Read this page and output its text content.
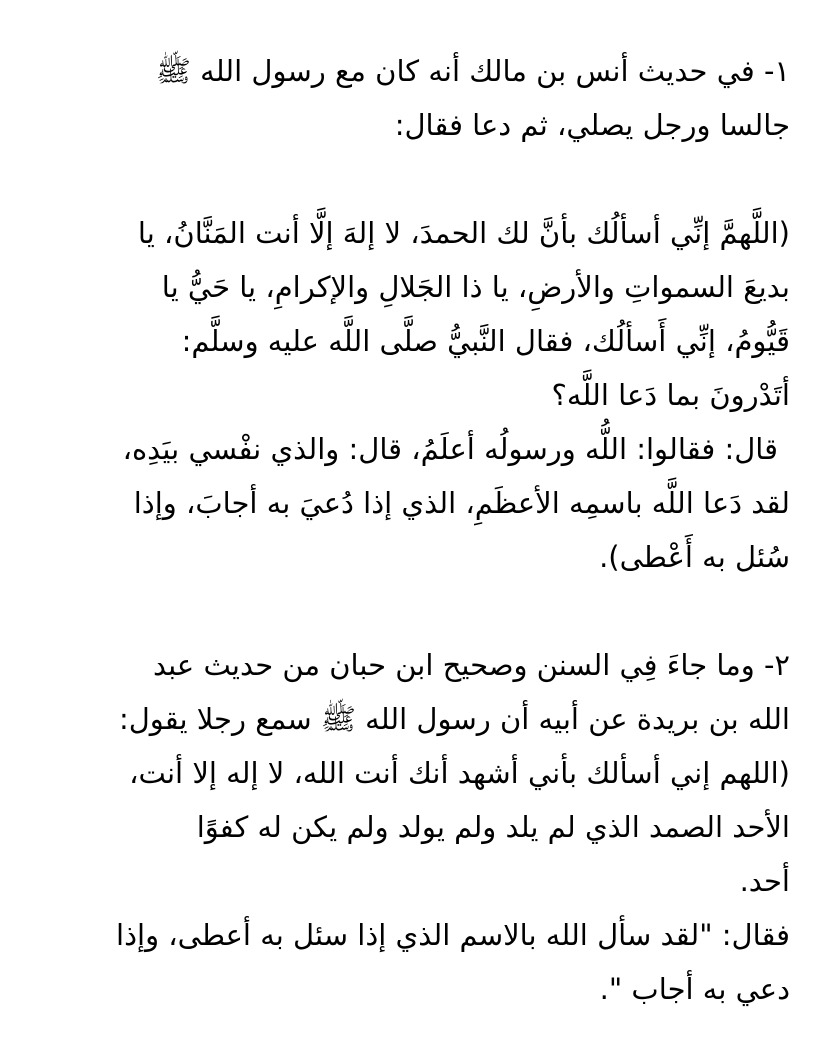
١- في حديث أنس بن مالك أنه كان مع رسول الله ﷺ
جالسا ورجل يصلي، ثم دعا فقال:
(اللَّهمَّ إنِّي أسألُك بأنَّ لك الحمدَ، لا إلهَ إلَّا أنت المَنَّانُ، يا
بديعَ السمواتِ والأرضِ، يا ذا الجَلالِ والإكرامِ، يا حَيُّ يا
قَيُّومُ، إنِّي أَسألُك، فقال النَّبيُّ صلَّى اللَّه عليه وسلَّم:
أتَدْرونَ بما دَعا اللَّه؟
قال: فقالوا: اللُّه ورسولُه أعلَمُ، قال: والذي نفْسي بيَدِه،
لقد دَعا اللَّه باسمِه الأعظَمِ، الذي إذا دُعيَ به أجابَ، وإذا
سُئل به أَعْطى).
٢- وما جاءَ فِي السنن وصحيح ابن حبان من حديث عبد
الله بن بريدة عن أبيه أن رسول الله ﷺ سمع رجلا يقول:
(اللهم إني أسألك بأني أشهد أنك أنت الله، لا إله إلا أنت،
الأحد الصمد الذي لم يلد ولم يولد ولم يكن له كفوًا
أحد.
فقال: "لقد سأل الله بالاسم الذي إذا سئل به أعطى، وإذا
دعي به أجاب ".
